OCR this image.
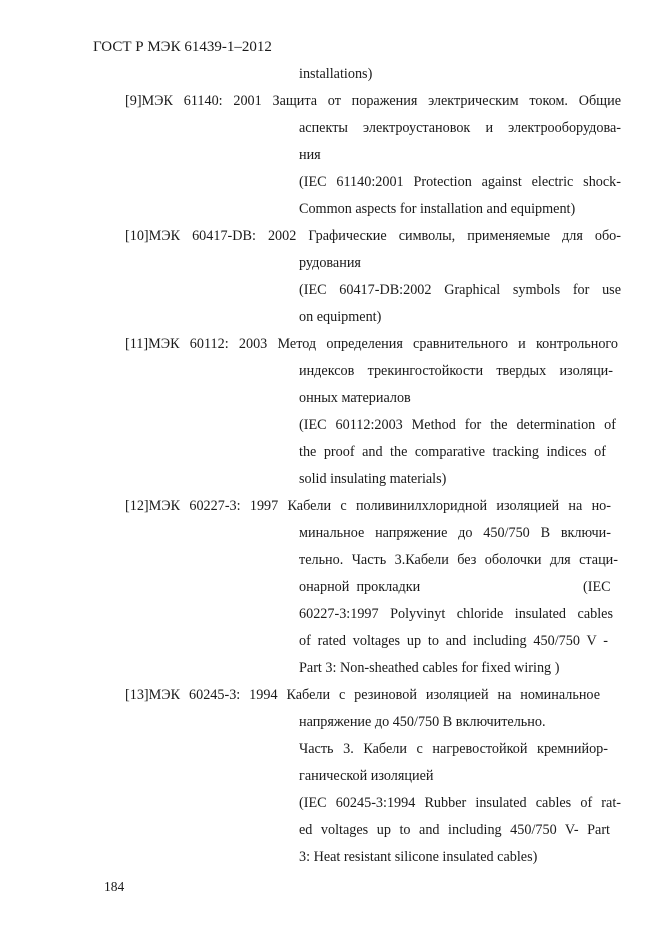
ГОСТ Р МЭК 61439-1–2012
installations)
[9]МЭК 61140: 2001 Защита от поражения электрическим током. Общие
аспекты электроустановок и электрооборудова-
ния
(IEC 61140:2001 Protection against electric shock-
Common aspects for installation and equipment)
[10]МЭК 60417-DB: 2002 Графические символы, применяемые для обо-
рудования
(IEC 60417-DB:2002 Graphical symbols for use
on equipment)
[11]МЭК 60112: 2003 Метод определения сравнительного и контрольного
индексов трекингостойкости твердых изоляци-
онных материалов
(IEC 60112:2003 Method for the determination of
the proof and the comparative tracking indices of
solid insulating materials)
[12]МЭК 60227-3: 1997 Кабели с поливинилхлоридной изоляцией на но-
минальное напряжение до 450/750 В включи-
тельно. Часть 3.Кабели без оболочки для стаци-
онарной  прокладки	(IEC
60227-3:1997 Polyvinyt chloride insulated cables
of rated voltages up to and including 450/750 V -
Part 3: Non-sheathed cables for fixed wiring )
[13]МЭК 60245-3: 1994 Кабели с резиновой изоляцией на номинальное
напряжение до 450/750 В включительно.
Часть 3. Кабели с нагревостойкой кремнийор-
ганической изоляцией
(IEC 60245-3:1994 Rubber insulated cables of rat-
ed voltages up to and including 450/750 V- Part
3: Heat resistant silicone insulated cables)
184
